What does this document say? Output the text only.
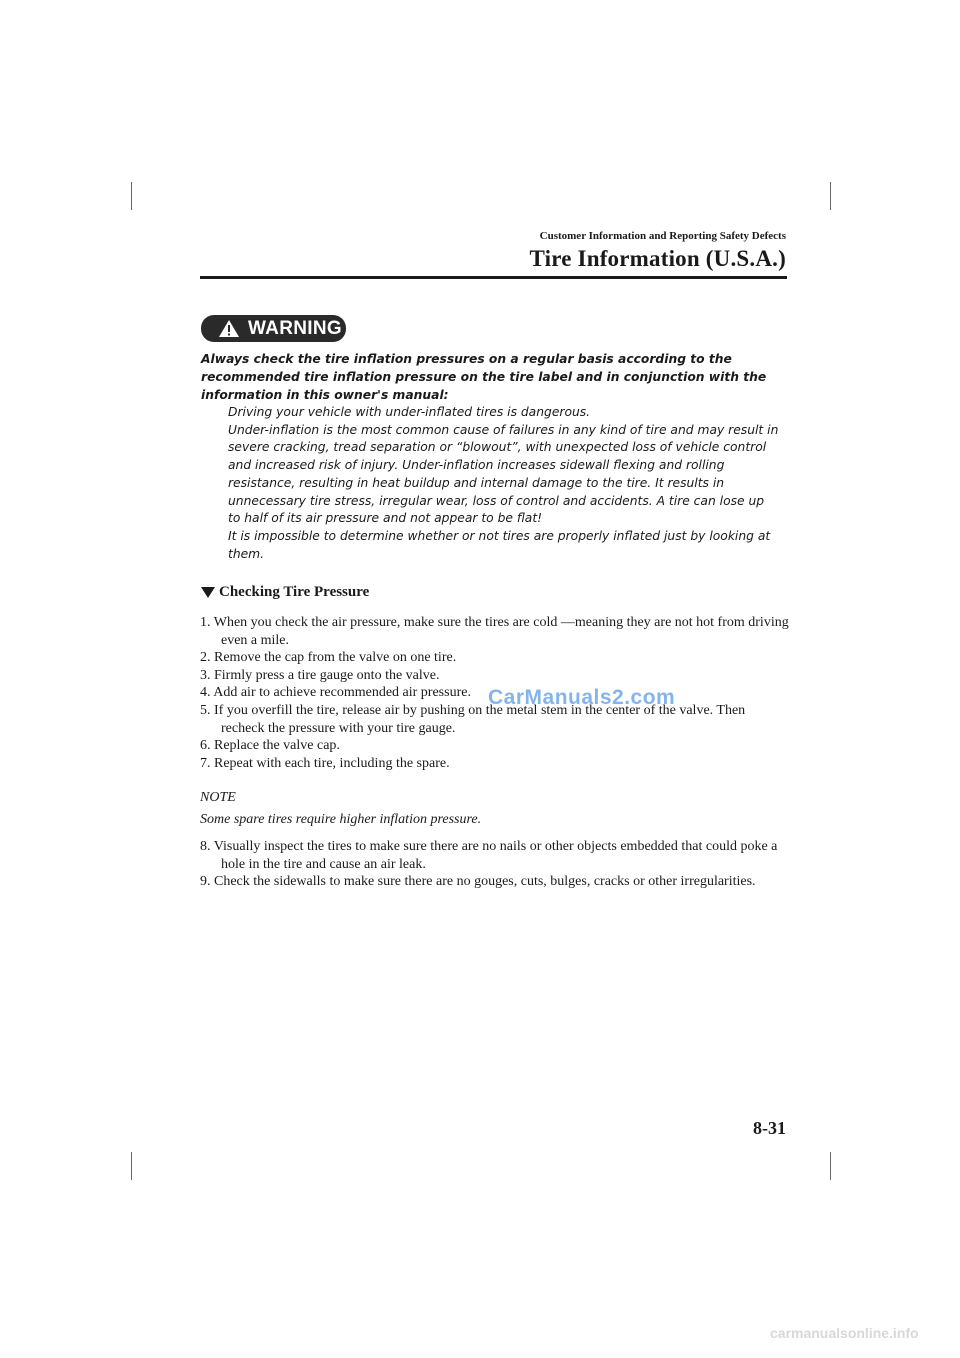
Customer Information and Reporting Safety Defects
Tire Information (U.S.A.)
WARNING
Always check the tire inflation pressures on a regular basis according to the recommended tire inflation pressure on the tire label and in conjunction with the information in this owner's manual:
Driving your vehicle with under-inflated tires is dangerous.
Under-inflation is the most common cause of failures in any kind of tire and may result in severe cracking, tread separation or “blowout”, with unexpected loss of vehicle control and increased risk of injury. Under-inflation increases sidewall flexing and rolling resistance, resulting in heat buildup and internal damage to the tire. It results in unnecessary tire stress, irregular wear, loss of control and accidents. A tire can lose up to half of its air pressure and not appear to be flat!
It is impossible to determine whether or not tires are properly inflated just by looking at them.
Checking Tire Pressure
1. When you check the air pressure, make sure the tires are cold —meaning they are not hot from driving even a mile.
2. Remove the cap from the valve on one tire.
3. Firmly press a tire gauge onto the valve.
4. Add air to achieve recommended air pressure.
5. If you overfill the tire, release air by pushing on the metal stem in the center of the valve. Then recheck the pressure with your tire gauge.
6. Replace the valve cap.
7. Repeat with each tire, including the spare.
NOTE
Some spare tires require higher inflation pressure.
8. Visually inspect the tires to make sure there are no nails or other objects embedded that could poke a hole in the tire and cause an air leak.
9. Check the sidewalls to make sure there are no gouges, cuts, bulges, cracks or other irregularities.
CarManuals2.com
8-31
carmanualsonline.info
